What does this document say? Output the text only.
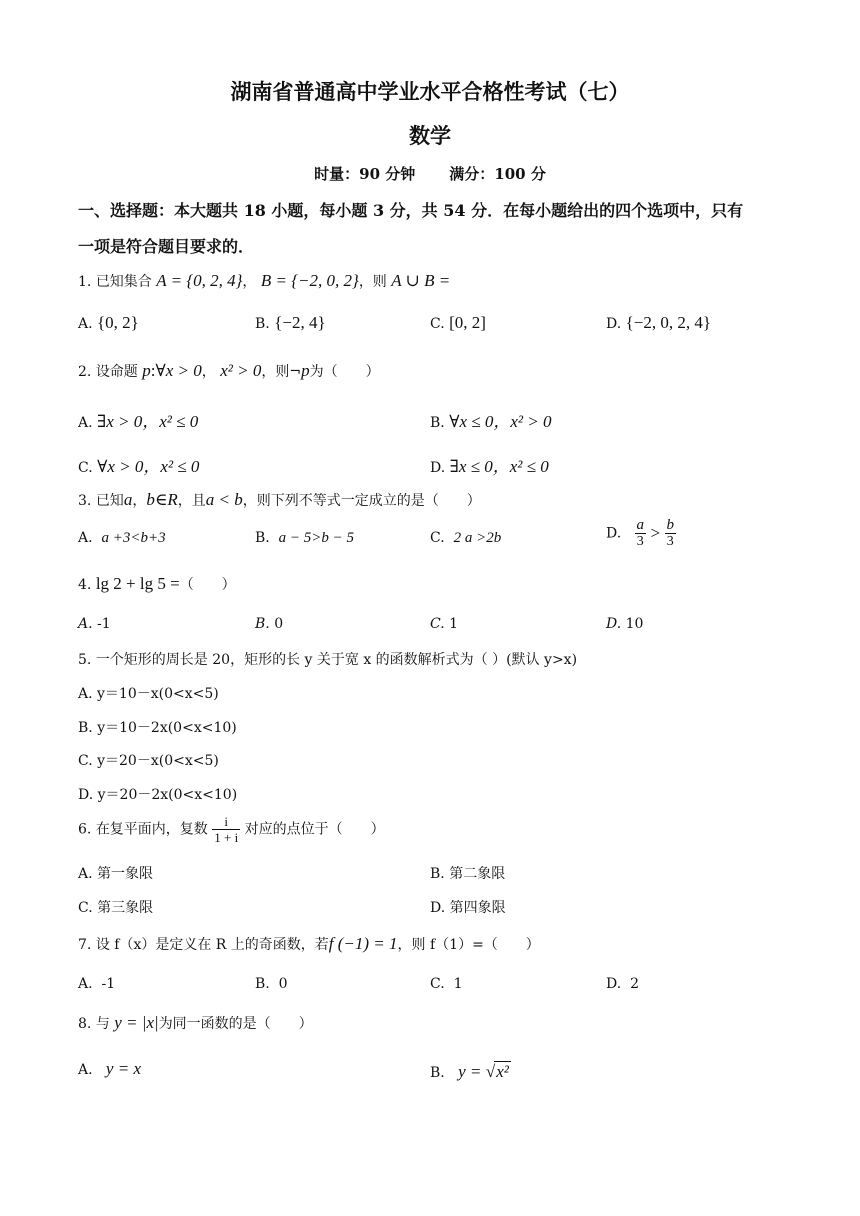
湖南省普通高中学业水平合格性考试（七）
数学
时量：90 分钟 满分：100 分
一、选择题：本大题共 18 小题，每小题 3 分，共 54 分．在每小题给出的四个选项中，只有
一项是符合题目要求的．
1. 已知集合 A = {0, 2, 4}， B = {−2, 0, 2}，则 A ∪ B =
A. {0, 2}	B. {−2, 4}	C. [0, 2]	D. {−2, 0, 2, 4}
2. 设命题 p:∀x > 0， x² > 0，则¬p为（　　）
A. ∃x > 0，x² ≤ 0	B. ∀x ≤ 0，x² > 0
C. ∀x > 0，x² ≤ 0	D. ∃x ≤ 0，x² ≤ 0
3. 已知a，b∈R，且a < b，则下列不等式一定成立的是（　　）
A. a +3<b+3	B. a − 5>b − 5	C. 2 a >2b	D. $\frac{a}{3} > \frac{b}{3}$
4. lg 2 + lg 5 =（　　）
A. -1	B. 0	C. 1	D. 10
5. 一个矩形的周长是 20，矩形的长 y 关于宽 x 的函数解析式为（ ）(默认 y>x)
A. y＝10－x(0<x<5)
B. y＝10－2x(0<x<10)
C. y＝20－x(0<x<5)
D. y＝20－2x(0<x<10)
6. 在复平面内，复数 $\frac{i}{1 + i}$ 对应的点位于（　　）
A. 第一象限	B. 第二象限
C. 第三象限	D. 第四象限
7. 设 f（x）是定义在 R 上的奇函数，若f (−1) = 1，则 f（1）=（　　）
A. -1	B. 0	C. 1	D. 2
8. 与 y = |x|为同一函数的是（　　）
A. y = x	B. y = √x²
